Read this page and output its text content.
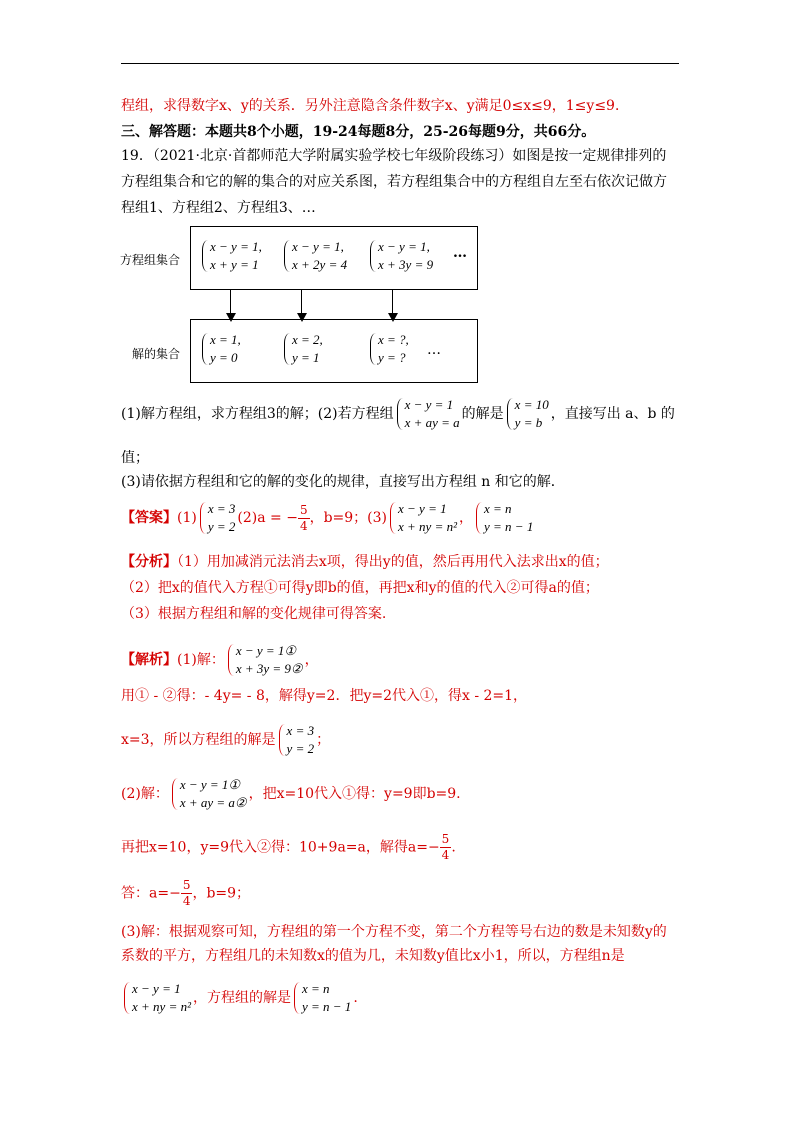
程组，求得数字x、y的关系．另外注意隐含条件数字x、y满足0≤x≤9，1≤y≤9．
三、解答题：本题共8个小题，19-24每题8分，25-26每题9分，共66分。
19．（2021·北京·首都师范大学附属实验学校七年级阶段练习）如图是按一定规律排列的
方程组集合和它的解的集合的对应关系图，若方程组集合中的方程组自左至右依次记做方
程组1、方程组2、方程组3、…
方程组集合
x − y = 1,
x + y = 1
x − y = 1,
x + 2y = 4
x − y = 1,
x + 3y = 9
…
解的集合
x = 1,
y = 0
x = 2,
y = 1
x = ?,
y = ? …
(1)解方程组，求方程组3的解；(2)若方程组
x − y = 1
x + ay = a
的解是
x = 10
y = b
，直接写出 a、b 的
值；
(3)请依据方程组和它的解的变化的规律，直接写出方程组 n 和它的解．
【答案】(1)
x = 3
y = 2
(2)a = − $\frac{5}{4}$ ，b=9；(3)
x − y = 1
x + ny = n²
，
x = n
y = n − 1
【分析】（1）用加减消元法消去x项，得出y的值，然后再用代入法求出x的值；
（2）把x的值代入方程①可得y即b的值，再把x和y的值的代入②可得a的值；
（3）根据方程组和解的变化规律可得答案.
【解析】(1)解：
x − y = 1①
x + 3y = 9②
，
用① - ②得：- 4y= - 8，解得y=2．把y=2代入①，得x - 2=1，
x=3，所以方程组的解是
x = 3
y = 2
；
(2)解：
x − y = 1①
x + ay = a②
，把x=10代入①得：y=9即b=9.
再把x=10，y=9代入②得：10+9a=a，解得$a=- \frac{5}{4}$ .
答：$a=- \frac{5}{4}$ ，b=9；
(3)解：根据观察可知，方程组的第一个方程不变，第二个方程等号右边的数是未知数y的
系数的平方，方程组几的未知数x的值为几，未知数y值比x小1，所以，方程组n是
x − y = 1
x + ny = n²
，方程组的解是
x = n
y = n − 1
.
